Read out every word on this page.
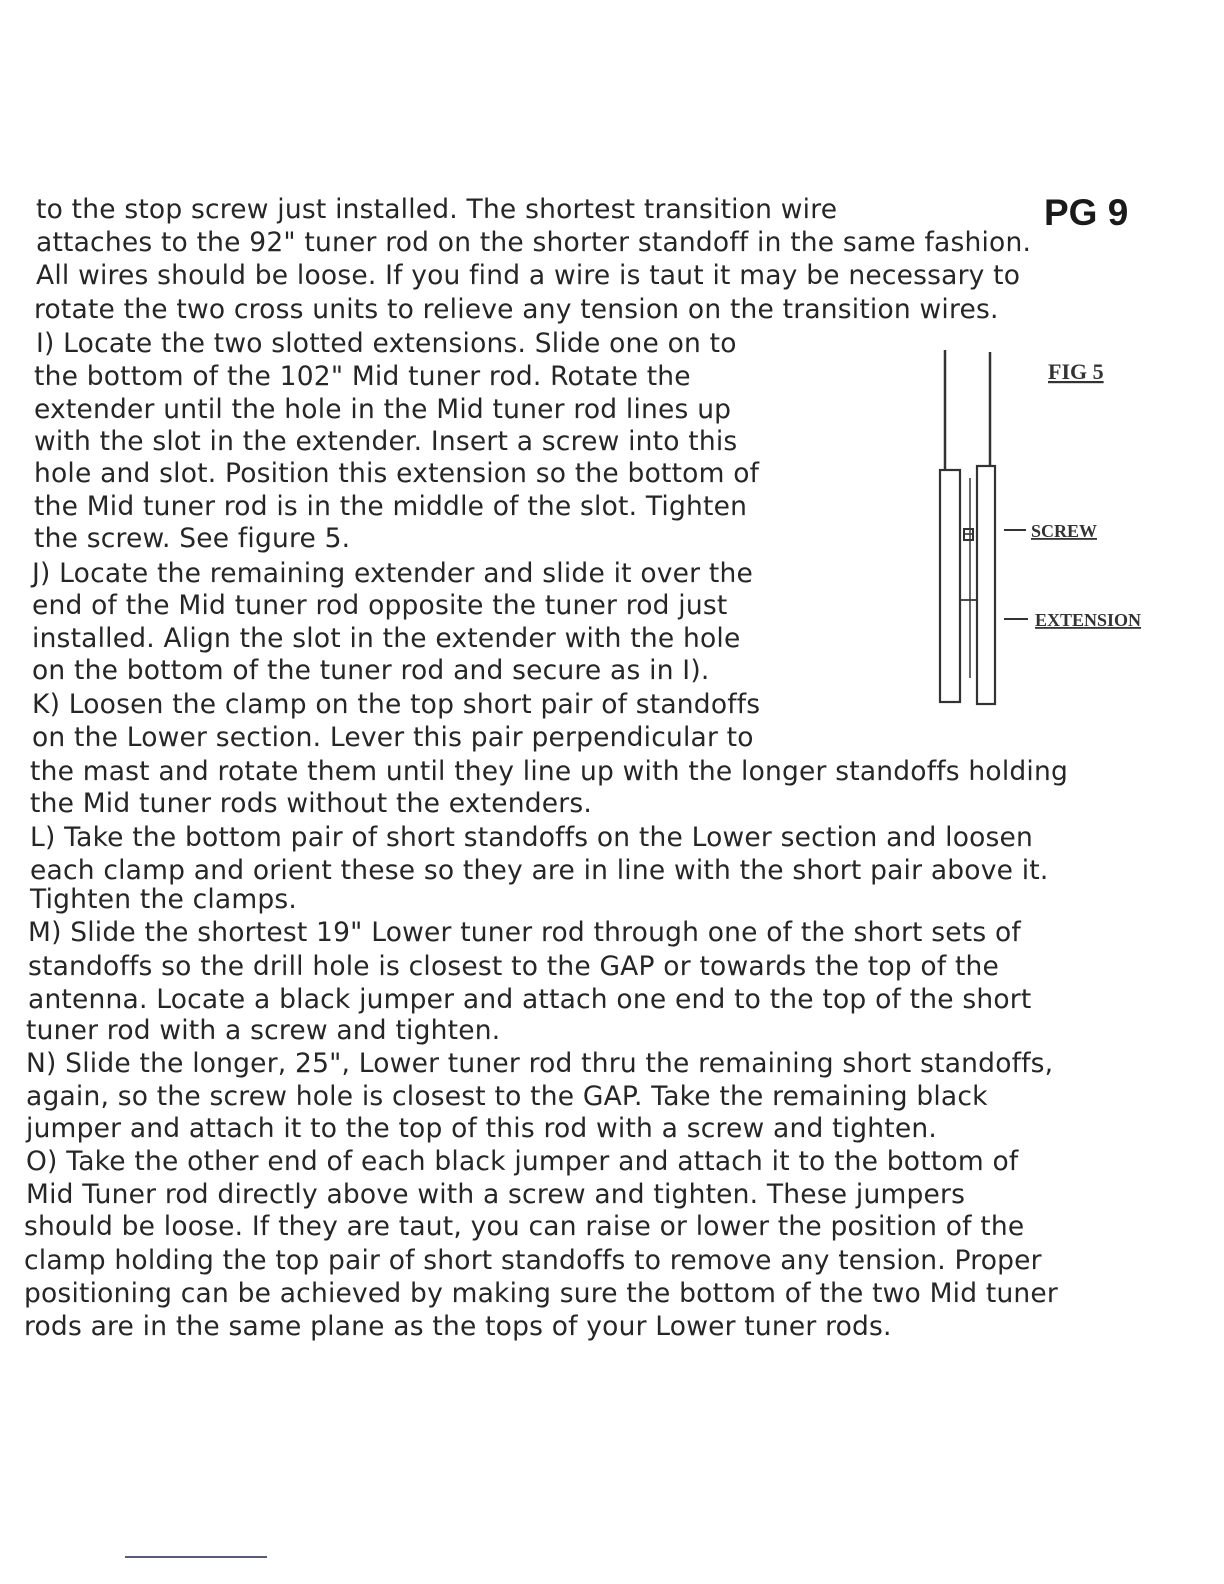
PG 9
to the stop screw just installed. The shortest transition wire
attaches to the 92" tuner rod on the shorter standoff in the same fashion.
All wires should be loose. If you find a wire is taut it may be necessary to
rotate the two cross units to relieve any tension on the transition wires.
I) Locate the two slotted extensions. Slide one on to
the bottom of the 102" Mid tuner rod. Rotate the
extender until the hole in the Mid tuner rod lines up
with the slot in the extender. Insert a screw into this
hole and slot. Position this extension so the bottom of
the Mid tuner rod is in the middle of the slot. Tighten
the screw. See figure 5.
J) Locate the remaining extender and slide it over the
end of the Mid tuner rod opposite the tuner rod just
installed. Align the slot in the extender with the hole
on the bottom of the tuner rod and secure as in I).
K) Loosen the clamp on the top short pair of standoffs
on the Lower section. Lever this pair perpendicular to
the mast and rotate them until they line up with the longer standoffs holding
the Mid tuner rods without the extenders.
L) Take the bottom pair of short standoffs on the Lower section and loosen
each clamp and orient these so they are in line with the short pair above it.
Tighten the clamps.
M) Slide the shortest 19" Lower tuner rod through one of the short sets of
standoffs so the drill hole is closest to the GAP or towards the top of the
antenna. Locate a black jumper and attach one end to the top of the short
tuner rod with a screw and tighten.
N) Slide the longer, 25", Lower tuner rod thru the remaining short standoffs,
again, so the screw hole is closest to the GAP. Take the remaining black
jumper and attach it to the top of this rod with a screw and tighten.
O) Take the other end of each black jumper and attach it to the bottom of
Mid Tuner rod directly above with a screw and tighten. These jumpers
should be loose. If they are taut, you can raise or lower the position of the
clamp holding the top pair of short standoffs to remove any tension. Proper
positioning can be achieved by making sure the bottom of the two Mid tuner
rods are in the same plane as the tops of your Lower tuner rods.
FIG 5
SCREW
EXTENSION
